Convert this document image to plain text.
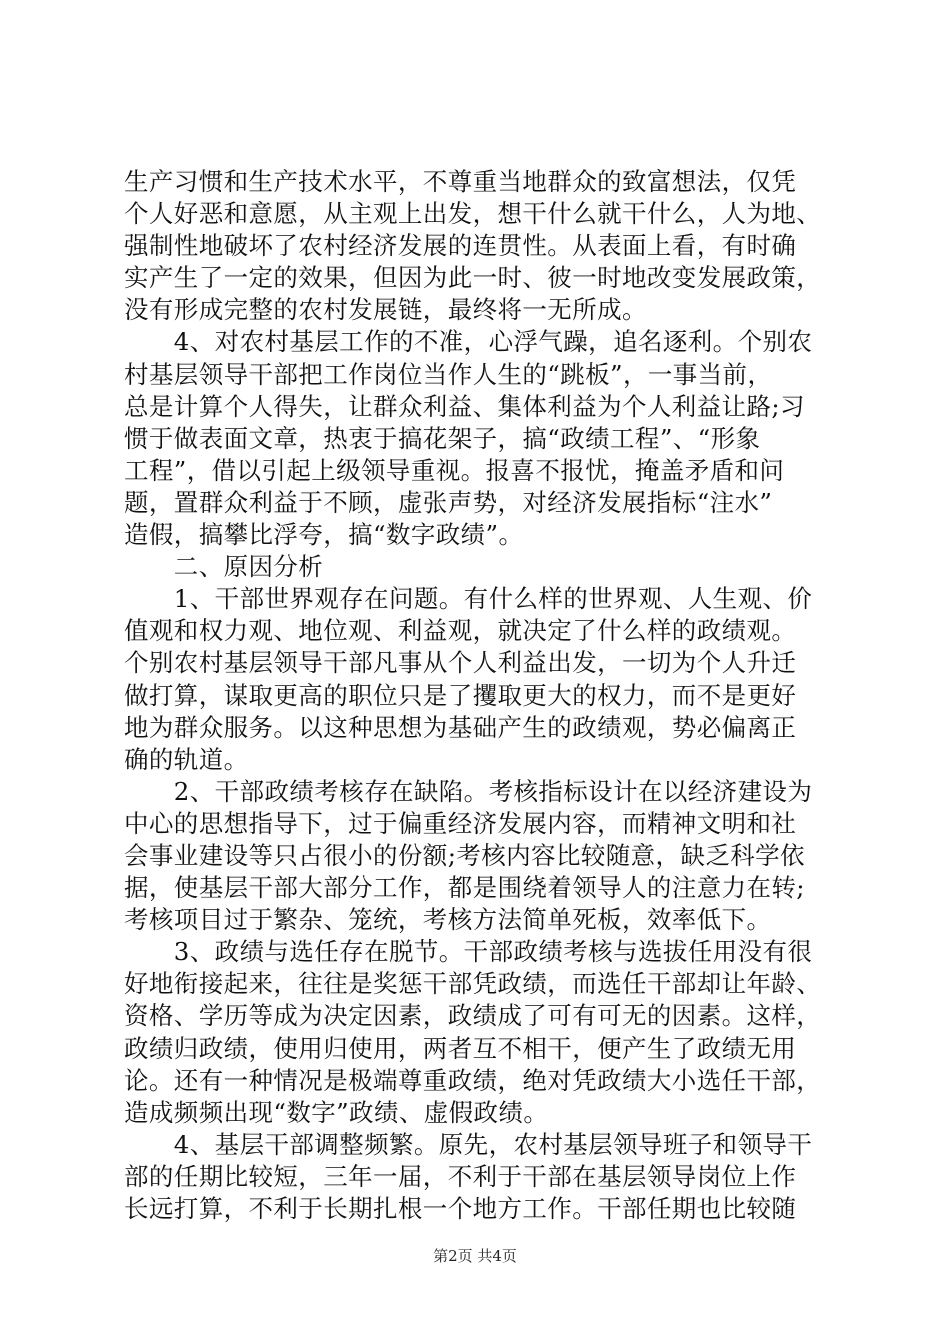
生产习惯和生产技术水平，不尊重当地群众的致富想法，仅凭
个人好恶和意愿，从主观上出发，想干什么就干什么，人为地、
强制性地破坏了农村经济发展的连贯性。从表面上看，有时确
实产生了一定的效果，但因为此一时、彼一时地改变发展政策，
没有形成完整的农村发展链，最终将一无所成。
　　4、对农村基层工作的不准，心浮气躁，追名逐利。个别农
村基层领导干部把工作岗位当作人生的“跳板”，一事当前，
总是计算个人得失，让群众利益、集体利益为个人利益让路;习
惯于做表面文章，热衷于搞花架子，搞“政绩工程”、“形象
工程”，借以引起上级领导重视。报喜不报忧，掩盖矛盾和问
题，置群众利益于不顾，虚张声势，对经济发展指标“注水”
造假，搞攀比浮夸，搞“数字政绩”。
　　二、原因分析
　　1、干部世界观存在问题。有什么样的世界观、人生观、价
值观和权力观、地位观、利益观，就决定了什么样的政绩观。
个别农村基层领导干部凡事从个人利益出发，一切为个人升迁
做打算，谋取更高的职位只是了攫取更大的权力，而不是更好
地为群众服务。以这种思想为基础产生的政绩观，势必偏离正
确的轨道。
　　2、干部政绩考核存在缺陷。考核指标设计在以经济建设为
中心的思想指导下，过于偏重经济发展内容，而精神文明和社
会事业建设等只占很小的份额;考核内容比较随意，缺乏科学依
据，使基层干部大部分工作，都是围绕着领导人的注意力在转;
考核项目过于繁杂、笼统，考核方法简单死板，效率低下。
　　3、政绩与选任存在脱节。干部政绩考核与选拔任用没有很
好地衔接起来，往往是奖惩干部凭政绩，而选任干部却让年龄、
资格、学历等成为决定因素，政绩成了可有可无的因素。这样，
政绩归政绩，使用归使用，两者互不相干，便产生了政绩无用
论。还有一种情况是极端尊重政绩，绝对凭政绩大小选任干部，
造成频频出现“数字”政绩、虚假政绩。
　　4、基层干部调整频繁。原先，农村基层领导班子和领导干
部的任期比较短，三年一届，不利于干部在基层领导岗位上作
长远打算，不利于长期扎根一个地方工作。干部任期也比较随
第2页 共4页
